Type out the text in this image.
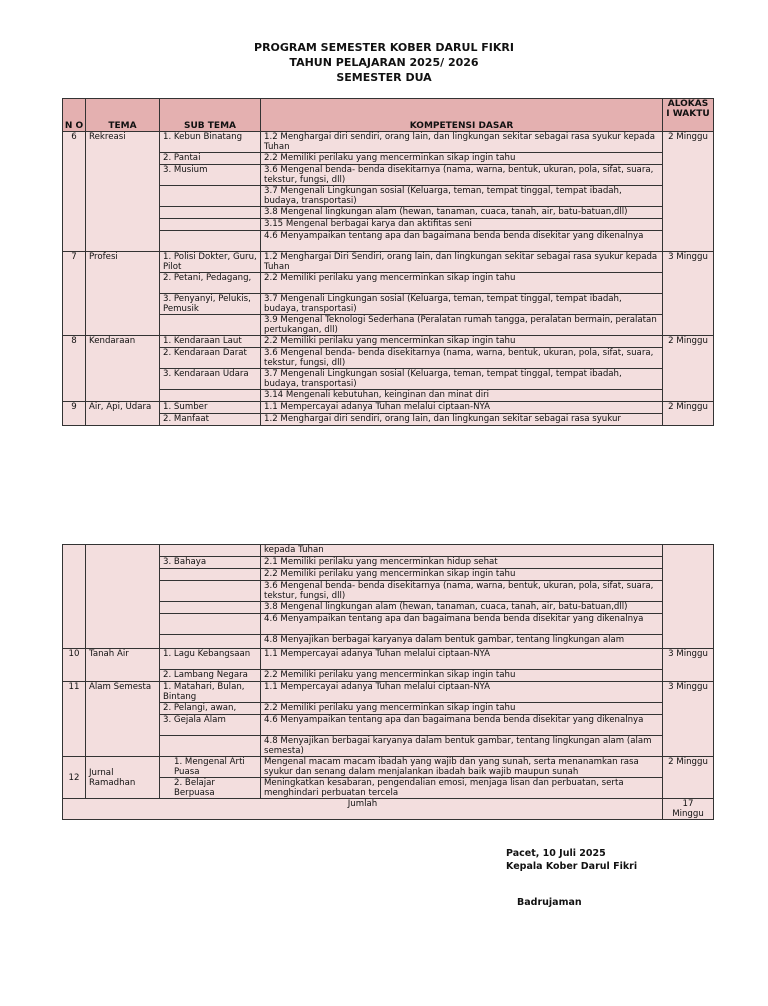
PROGRAM SEMESTER KOBER DARUL FIKRI
TAHUN PELAJARAN 2025/ 2026
SEMESTER DUA
N O	TEMA	SUB TEMA	KOMPETENSI DASAR	ALOKAS I WAKTU
6	Rekreasi	1. Kebun Binatang	1.2 Menghargai diri sendiri, orang lain, dan lingkungan sekitar sebagai rasa syukur kepada Tuhan	2 Minggu
		2. Pantai	2.2 Memiliki perilaku yang mencerminkan sikap ingin tahu	
		3. Musium	3.6 Mengenal benda- benda disekitarnya (nama, warna, bentuk, ukuran, pola, sifat, suara, tekstur, fungsi, dll)	
			3.7 Mengenali Lingkungan sosial (Keluarga, teman, tempat tinggal, tempat ibadah, budaya, transportasi)	
			3.8 Mengenal lingkungan alam (hewan, tanaman, cuaca, tanah, air, batu-batuan,dll)	
			3.15 Mengenal berbagai karya dan aktifitas seni	
			4.6 Menyampaikan tentang apa dan bagaimana benda benda disekitar yang dikenalnya	
7	Profesi	1. Polisi Dokter, Guru, Pilot	1.2 Menghargai Diri Sendiri, orang lain, dan lingkungan sekitar sebagai rasa syukur kepada Tuhan	3 Minggu
		2. Petani, Pedagang,	2.2 Memiliki perilaku yang mencerminkan sikap ingin tahu	
		3. Penyanyi, Pelukis, Pemusik	3.7 Mengenali Lingkungan sosial (Keluarga, teman, tempat tinggal, tempat ibadah, budaya, transportasi)	
			3.9 Mengenal Teknologi Sederhana (Peralatan rumah tangga, peralatan bermain, peralatan pertukangan, dll)	
8	Kendaraan	1. Kendaraan Laut	2.2 Memiliki perilaku yang mencerminkan sikap ingin tahu	2 Minggu
		2. Kendaraan Darat	3.6 Mengenal benda- benda disekitarnya (nama, warna, bentuk, ukuran, pola, sifat, suara, tekstur, fungsi, dll)	
		3. Kendaraan Udara	3.7 Mengenali Lingkungan sosial (Keluarga, teman, tempat tinggal, tempat ibadah, budaya, transportasi)	
			3.14 Mengenali kebutuhan, keinginan dan minat diri	
9	Air, Api, Udara	1. Sumber	1.1 Mempercayai adanya Tuhan melalui ciptaan-NYA	2 Minggu
		2. Manfaat	1.2 Menghargai diri sendiri, orang lain, dan lingkungan sekitar sebagai rasa syukur	
			kepada Tuhan	
		3. Bahaya	2.1 Memiliki perilaku yang mencerminkan hidup sehat	
			2.2 Memiliki perilaku yang mencerminkan sikap ingin tahu	
			3.6 Mengenal benda- benda disekitarnya (nama, warna, bentuk, ukuran, pola, sifat, suara, tekstur, fungsi, dll)	
			3.8 Mengenal lingkungan alam (hewan, tanaman, cuaca, tanah, air, batu-batuan,dll)	
			4.6 Menyampaikan tentang apa dan bagaimana benda benda disekitar yang dikenalnya	
			4.8 Menyajikan berbagai karyanya dalam bentuk gambar, tentang lingkungan alam	
10	Tanah Air	1. Lagu Kebangsaan	1.1 Mempercayai adanya Tuhan melalui ciptaan-NYA	3 Minggu
		2. Lambang Negara	2.2 Memiliki perilaku yang mencerminkan sikap ingin tahu	
11	Alam Semesta	1. Matahari, Bulan, Bintang	1.1 Mempercayai adanya Tuhan melalui ciptaan-NYA	3 Minggu
		2. Pelangi, awan,	2.2 Memiliki perilaku yang mencerminkan sikap ingin tahu	
		3. Gejala Alam	4.6 Menyampaikan tentang apa dan bagaimana benda benda disekitar yang dikenalnya	
			4.8 Menyajikan berbagai karyanya dalam bentuk gambar, tentang lingkungan alam (alam semesta)	
12	Jurnal Ramadhan	1. Mengenal Arti Puasa	Mengenal macam macam ibadah yang wajib dan yang sunah, serta menanamkan rasa syukur dan senang dalam menjalankan ibadah baik wajib maupun sunah	2 Minggu
		2. Belajar Berpuasa	Meningkatkan kesabaran, pengendalian emosi, menjaga lisan dan perbuatan, serta menghindari perbuatan tercela	
Jumlah				17 Minggu
Pacet, 10 Juli 2025
Kepala Kober Darul Fikri
Badrujaman
